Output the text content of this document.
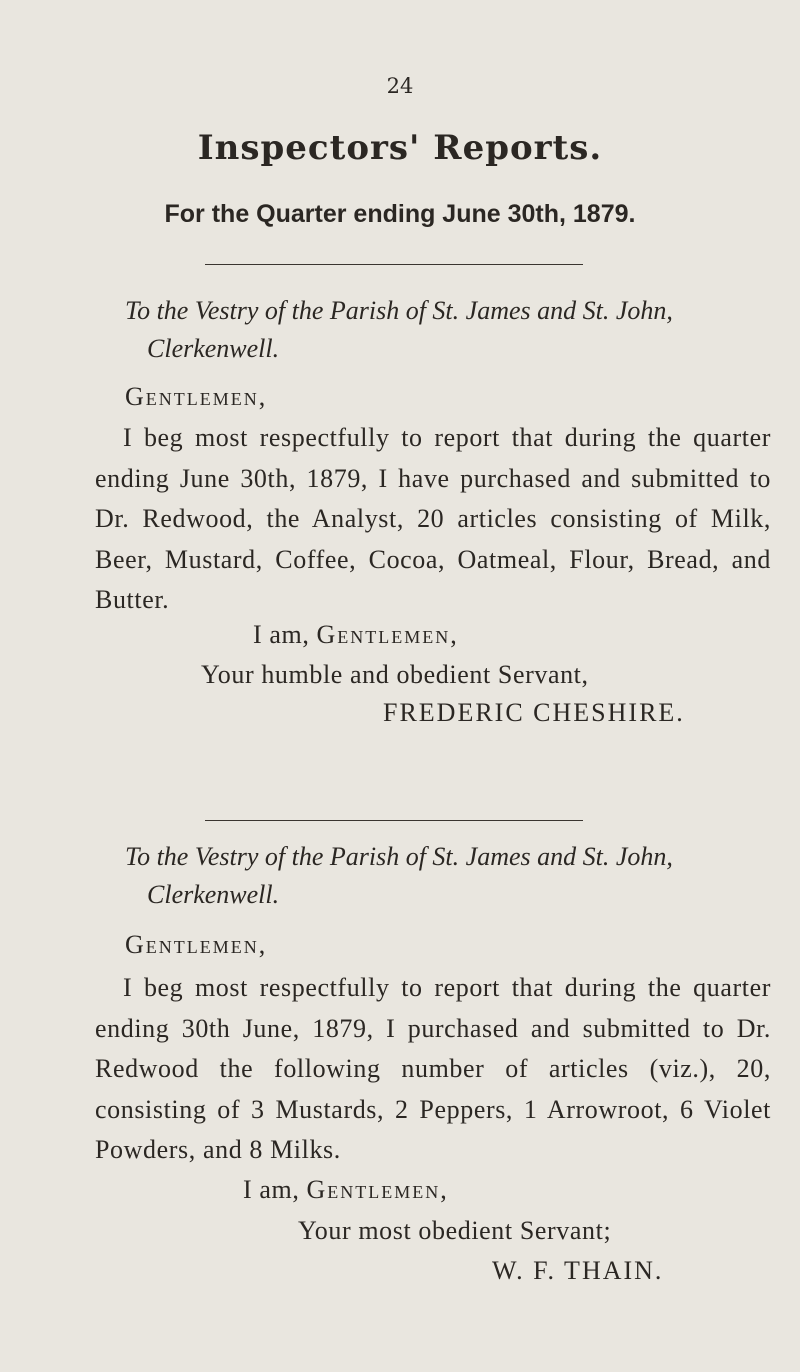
24
Inspectors' Reports.
For the Quarter ending June 30th, 1879.
To the Vestry of the Parish of St. James and St. John,
Clerkenwell.
Gentlemen,
I beg most respectfully to report that during the quarter ending June 30th, 1879, I have purchased and submitted to Dr. Redwood, the Analyst, 20 articles consisting of Milk, Beer, Mustard, Coffee, Cocoa, Oatmeal, Flour, Bread, and Butter.
I am, Gentlemen,
Your humble and obedient Servant,
FREDERIC CHESHIRE.
To the Vestry of the Parish of St. James and St. John,
Clerkenwell.
Gentlemen,
I beg most respectfully to report that during the quarter ending 30th June, 1879, I purchased and submitted to Dr. Redwood the following number of articles (viz.), 20, consisting of 3 Mustards, 2 Peppers, 1 Arrowroot, 6 Violet Powders, and 8 Milks.
I am, Gentlemen,
Your most obedient Servant;
W. F. THAIN.
